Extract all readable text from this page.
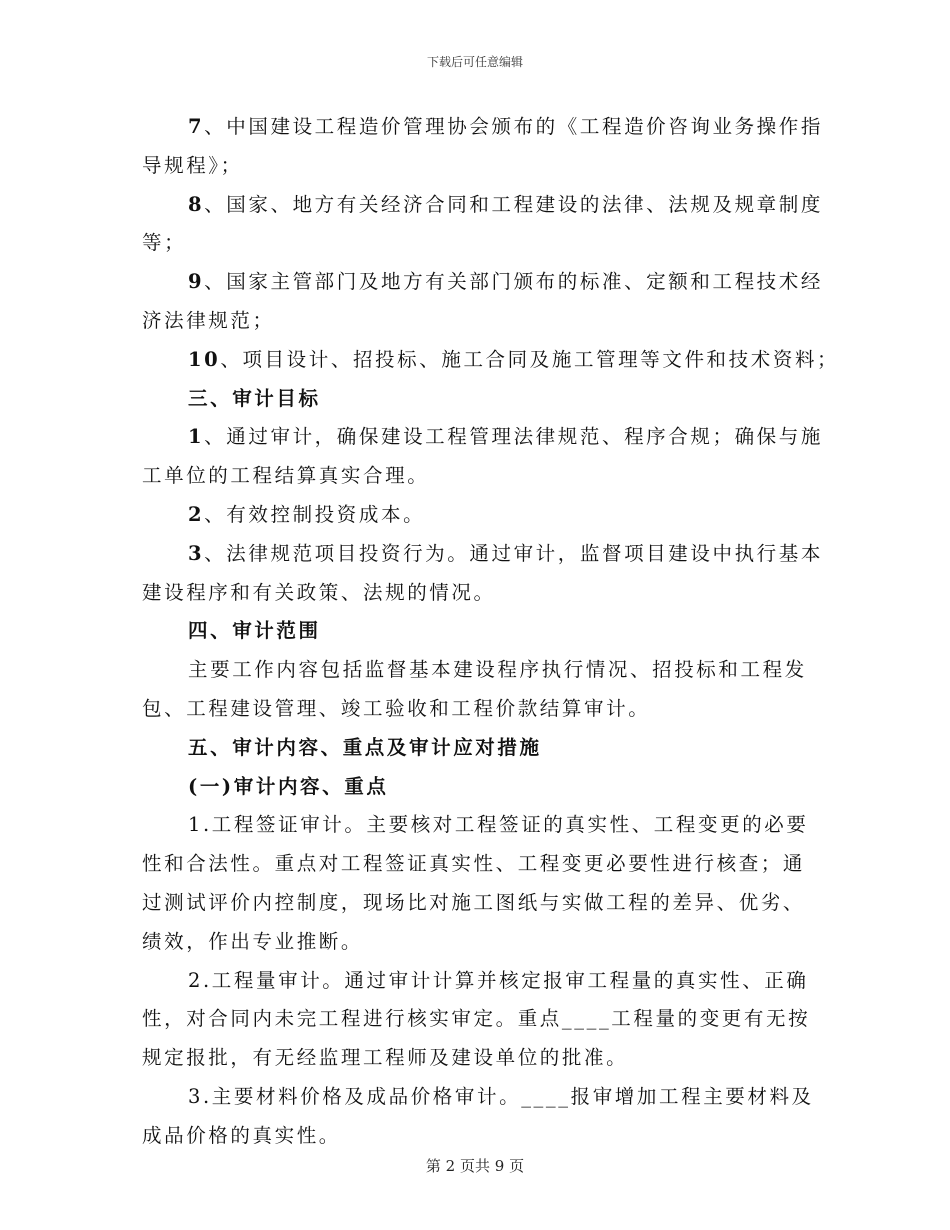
下载后可任意编辑

7、中国建设工程造价管理协会颁布的《工程造价咨询业务操作指
导规程》；

8、国家、地方有关经济合同和工程建设的法律、法规及规章制度
等；

9、国家主管部门及地方有关部门颁布的标准、定额和工程技术经
济法律规范；

10、项目设计、招投标、施工合同及施工管理等文件和技术资料；

三、审计目标

1、通过审计，确保建设工程管理法律规范、程序合规；确保与施
工单位的工程结算真实合理。

2、有效控制投资成本。

3、法律规范项目投资行为。通过审计，监督项目建设中执行基本
建设程序和有关政策、法规的情况。

四、审计范围

主要工作内容包括监督基本建设程序执行情况、招投标和工程发
包、工程建设管理、竣工验收和工程价款结算审计。

五、审计内容、重点及审计应对措施

(一)审计内容、重点

1.工程签证审计。主要核对工程签证的真实性、工程变更的必要
性和合法性。重点对工程签证真实性、工程变更必要性进行核查；通
过测试评价内控制度，现场比对施工图纸与实做工程的差异、优劣、
绩效，作出专业推断。

2.工程量审计。通过审计计算并核定报审工程量的真实性、正确
性，对合同内未完工程进行核实审定。重点____工程量的变更有无按
规定报批，有无经监理工程师及建设单位的批准。

3.主要材料价格及成品价格审计。____报审增加工程主要材料及
成品价格的真实性。

第 2 页共 9 页
